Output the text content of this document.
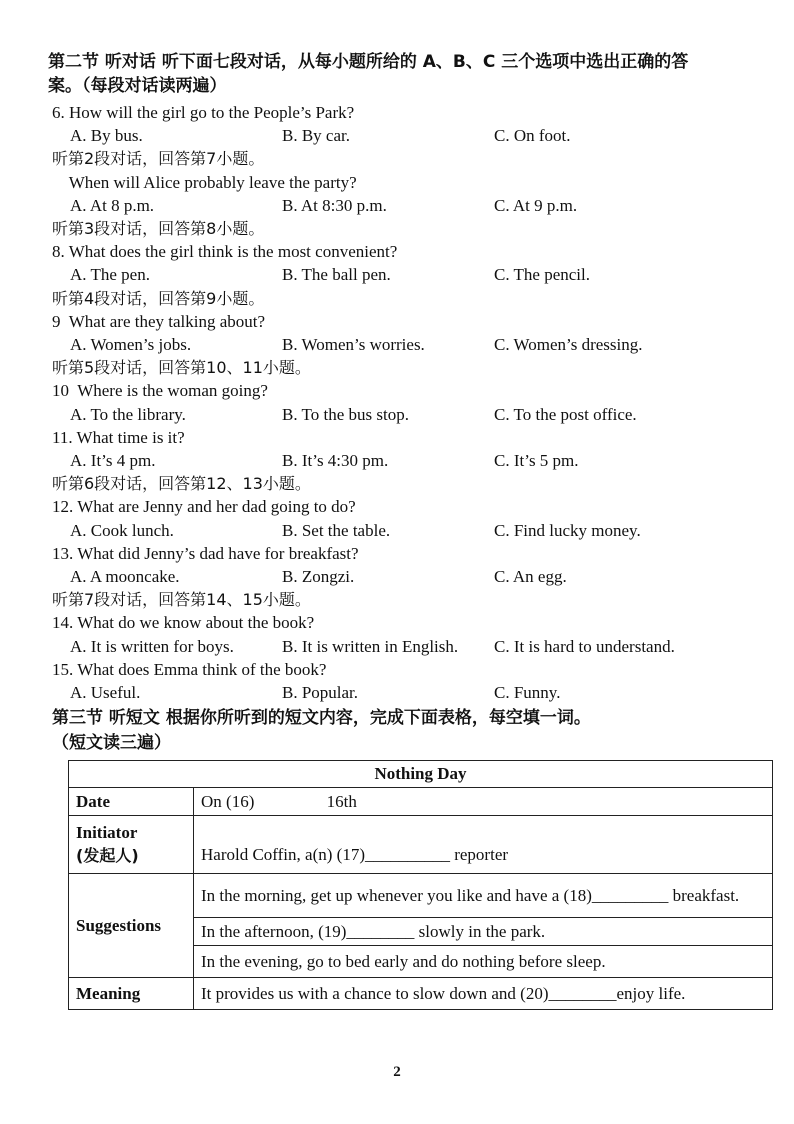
第二节 听对话 听下面七段对话，从每小题所给的 A、B、C 三个选项中选出正确的答
案。（每段对话读两遍）
6. How will the girl go to the People’s Park?
A. By bus.	B. By car.	C. On foot.
听第2段对话，回答第7小题。
When will Alice probably leave the party?
A. At 8 p.m.	B. At 8:30 p.m.	C. At 9 p.m.
听第3段对话，回答第8小题。
8. What does the girl think is the most convenient?
A. The pen.	B. The ball pen.	C. The pencil.
听第4段对话，回答第9小题。
9  What are they talking about?
A. Women’s jobs.	B. Women’s worries.	C. Women’s dressing.
听第5段对话，回答第10、11小题。
10  Where is the woman going?
A. To the library.	B. To the bus stop.	C. To the post office.
11. What time is it?
A. It’s 4 pm.	B. It’s 4:30 pm.	C. It’s 5 pm.
听第6段对话，回答第12、13小题。
12. What are Jenny and her dad going to do?
A. Cook lunch.	B. Set the table.	C. Find lucky money.
13. What did Jenny’s dad have for breakfast?
A. A mooncake.	B. Zongzi.	C. An egg.
听第7段对话，回答第14、15小题。
14. What do we know about the book?
A. It is written for boys.	B. It is written in English. C. It is hard to understand.
15. What does Emma think of the book?
A. Useful.	B. Popular.	C. Funny.
第三节 听短文 根据你所听到的短文内容，完成下面表格，每空填一词。
（短文读三遍）
Nothing Day	
Date	On (16)                 16th

Initiator
(发起人)	Harold Coffin, a(n) (17)__________ reporter
Suggestions	In the morning, get up whenever you like and have a (18)_________ breakfast.
	In the afternoon, (19)________ slowly in the park.
	In the evening, go to bed early and do nothing before sleep.
Meaning	It provides us with a chance to slow down and (20)________enjoy life.
2
